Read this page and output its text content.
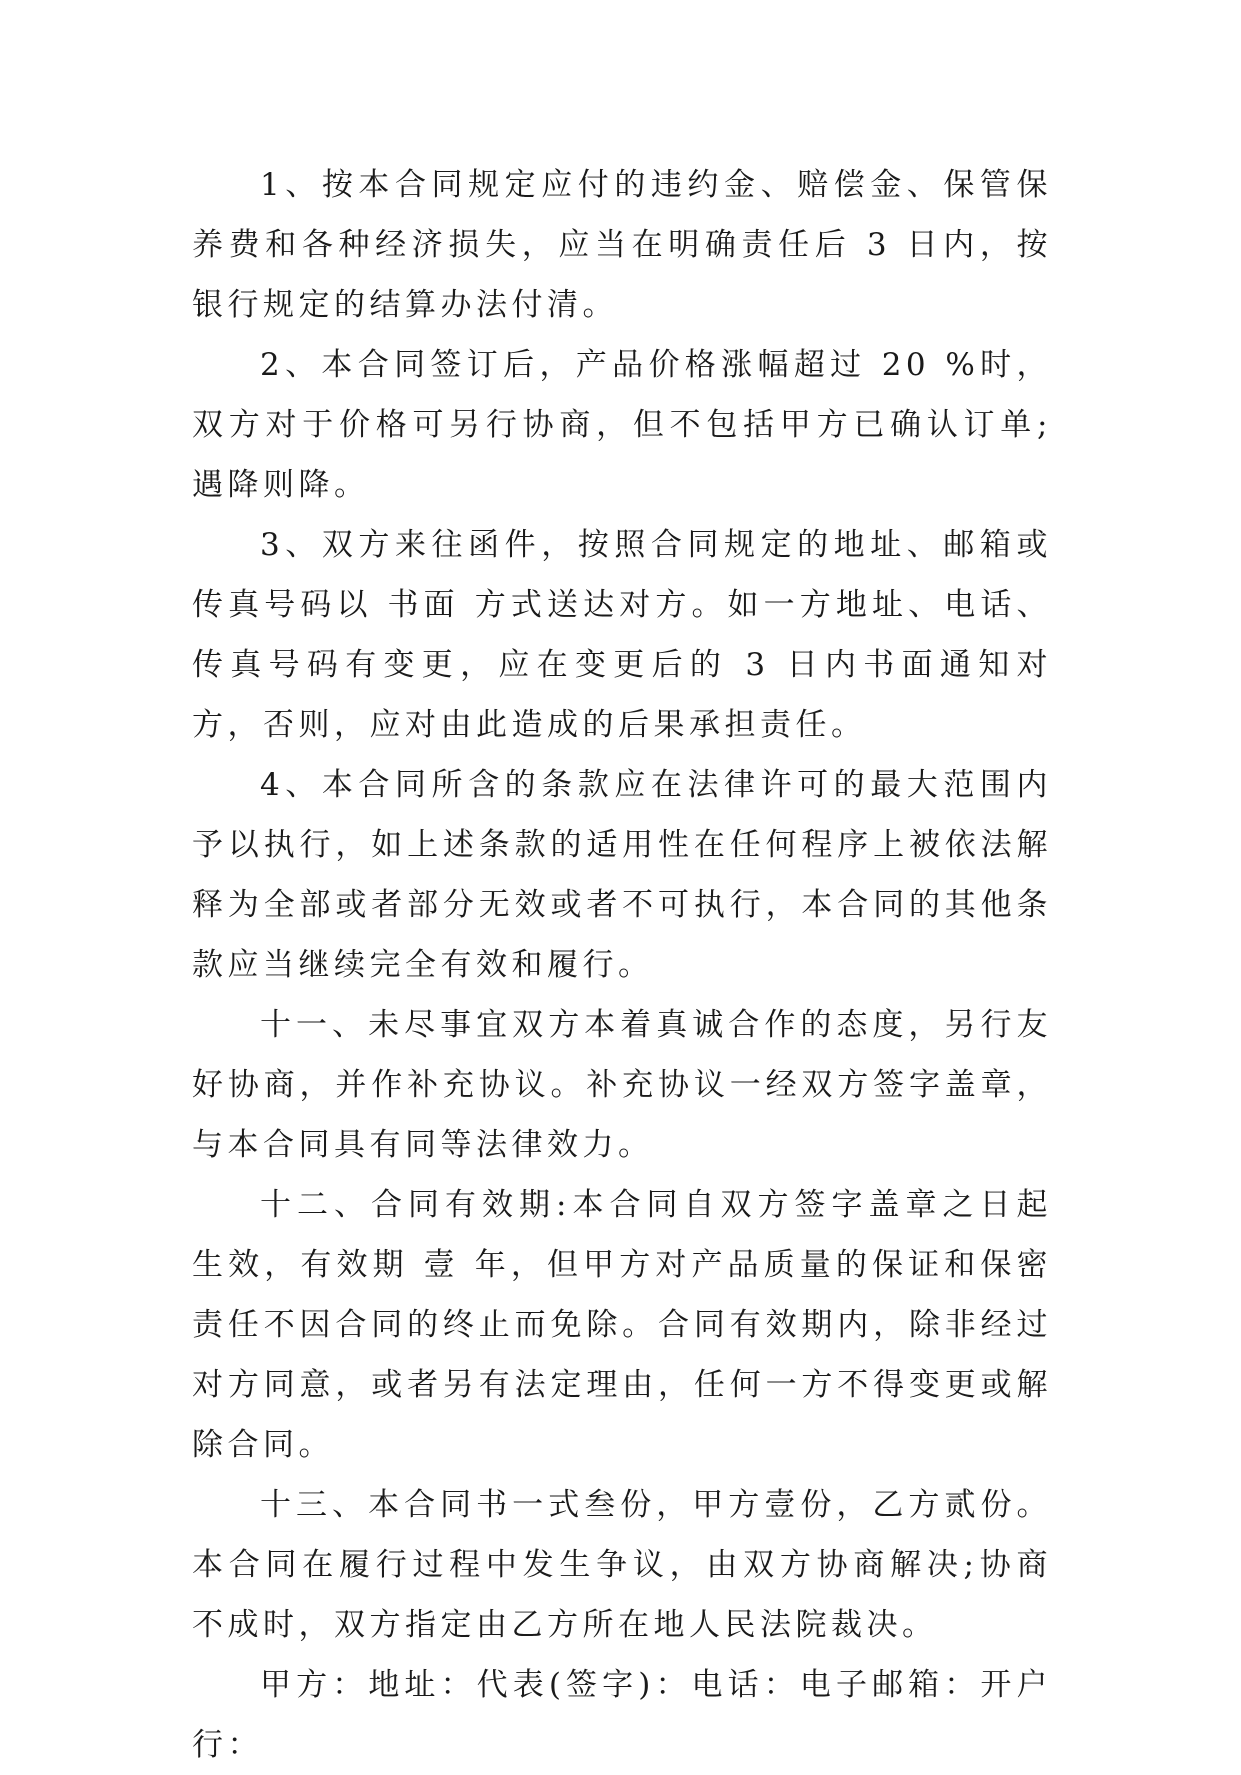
1、按本合同规定应付的违约金、赔偿金、保管保养费和各种经济损失，应当在明确责任后 3 日内，按银行规定的结算办法付清。

2、本合同签订后，产品价格涨幅超过 20 %时，双方对于价格可另行协商，但不包括甲方已确认订单;遇降则降。

3、双方来往函件，按照合同规定的地址、邮箱或传真号码以 书面 方式送达对方。如一方地址、电话、传真号码有变更，应在变更后的 3 日内书面通知对方，否则，应对由此造成的后果承担责任。

4、本合同所含的条款应在法律许可的最大范围内予以执行，如上述条款的适用性在任何程序上被依法解释为全部或者部分无效或者不可执行，本合同的其他条款应当继续完全有效和履行。

十一、未尽事宜双方本着真诚合作的态度，另行友好协商，并作补充协议。补充协议一经双方签字盖章，与本合同具有同等法律效力。

十二、合同有效期:本合同自双方签字盖章之日起生效，有效期 壹 年，但甲方对产品质量的保证和保密责任不因合同的终止而免除。合同有效期内，除非经过对方同意，或者另有法定理由，任何一方不得变更或解除合同。

十三、本合同书一式叁份，甲方壹份，乙方贰份。本合同在履行过程中发生争议，由双方协商解决;协商不成时，双方指定由乙方所在地人民法院裁决。

甲方：地址：代表(签字)：电话：电子邮箱：开户行：
